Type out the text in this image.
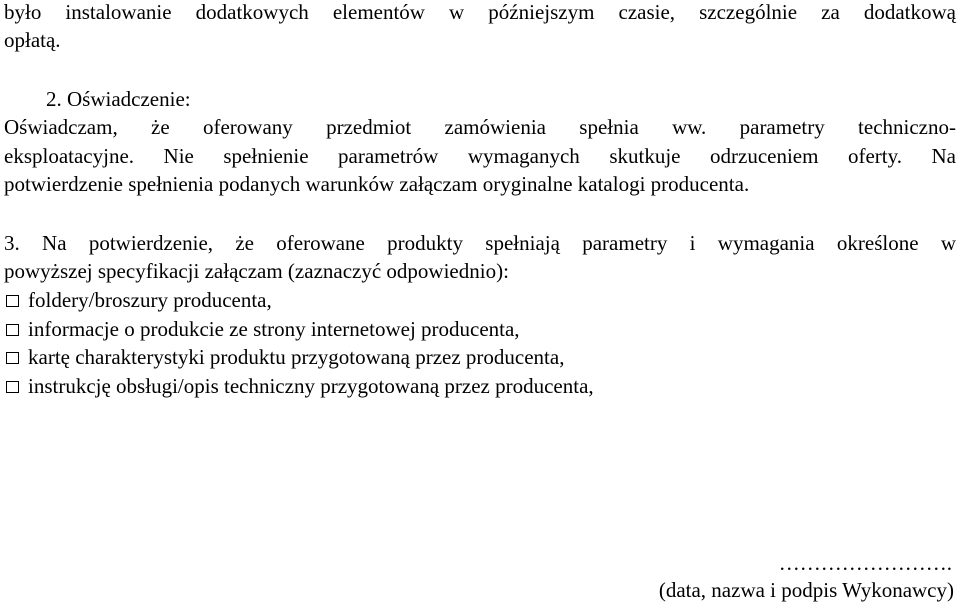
było instalowanie dodatkowych elementów w późniejszym czasie, szczególnie za dodatkową
opłatą.
2. Oświadczenie:
Oświadczam, że oferowany przedmiot zamówienia spełnia ww. parametry techniczno-
eksploatacyjne. Nie spełnienie parametrów wymaganych skutkuje odrzuceniem oferty. Na
potwierdzenie spełnienia podanych warunków załączam oryginalne katalogi producenta.
3. Na potwierdzenie, że oferowane produkty spełniają parametry i wymagania określone w
powyższej specyfikacji załączam (zaznaczyć odpowiednio):
foldery/broszury producenta,
informacje o produkcie ze strony internetowej producenta,
kartę charakterystyki produktu przygotowaną przez producenta,
instrukcję obsługi/opis techniczny przygotowaną przez producenta,
…………………….
(data, nazwa i podpis Wykonawcy)
